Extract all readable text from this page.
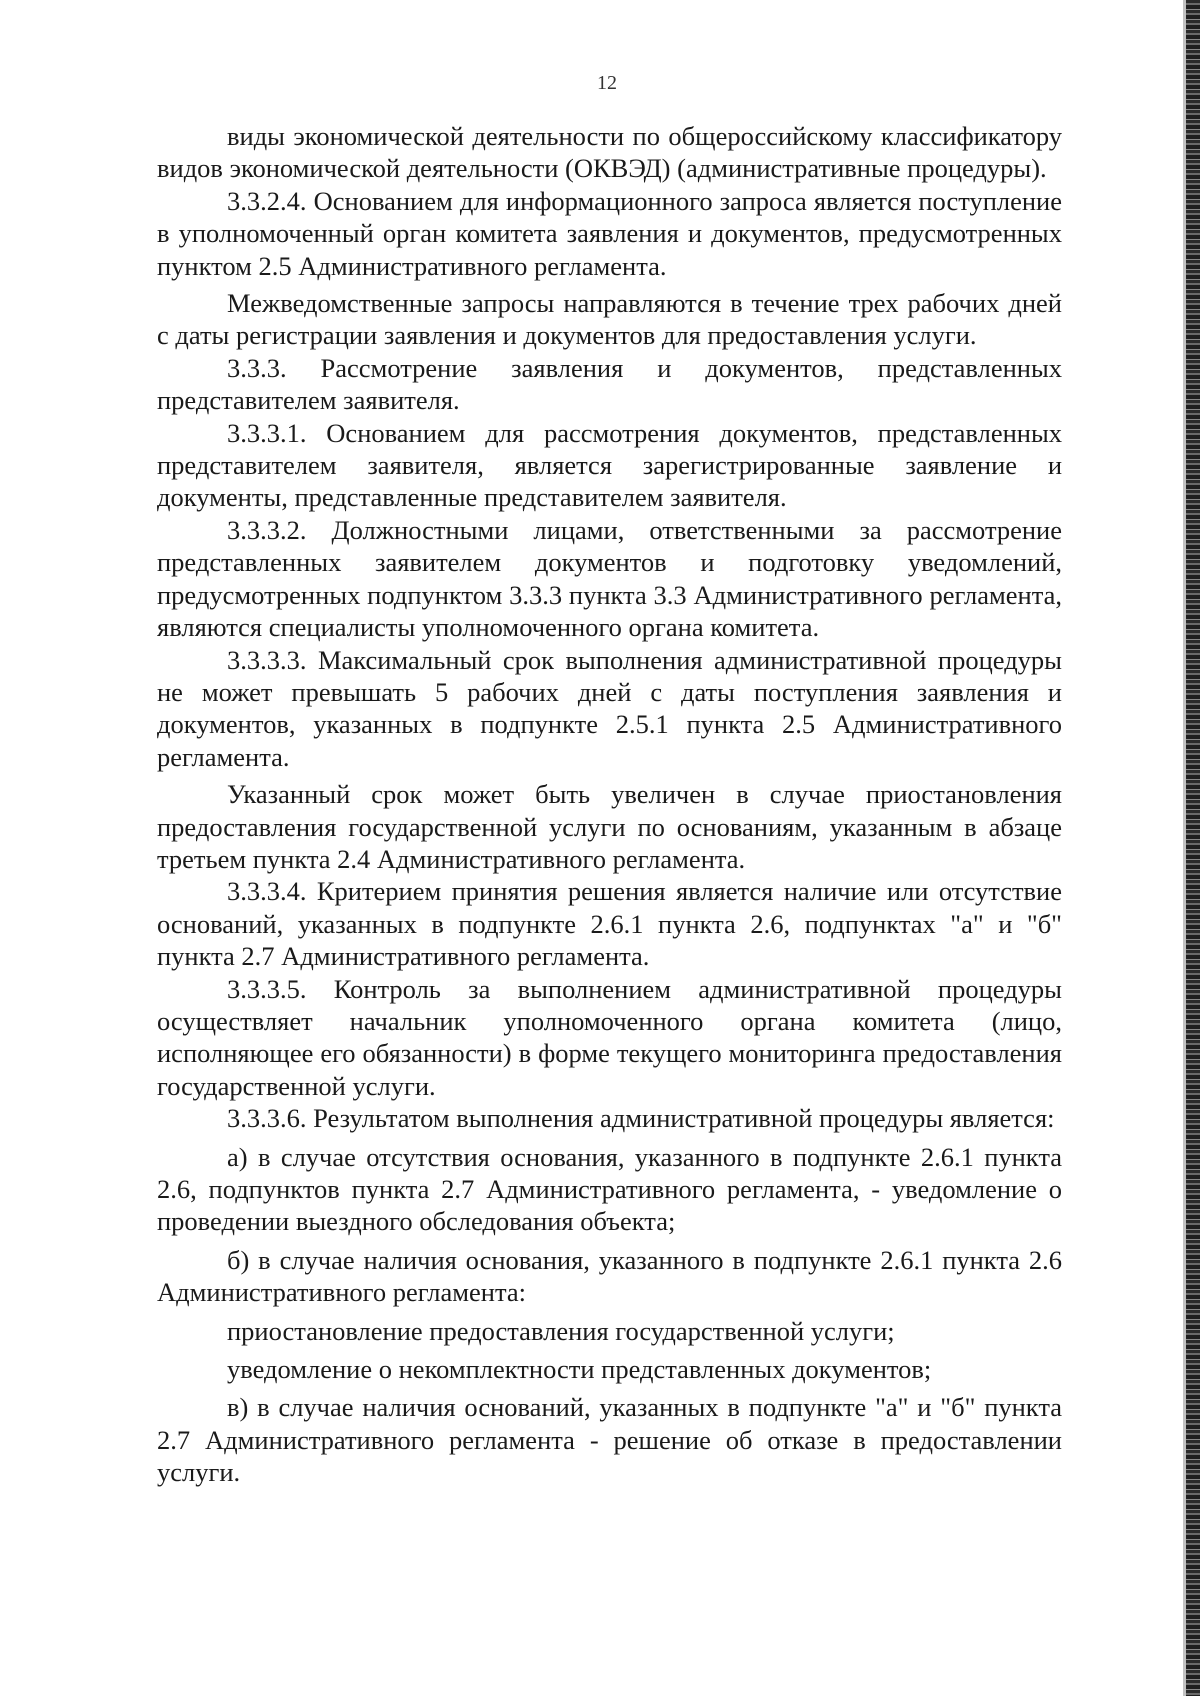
12

виды экономической деятельности по общероссийскому классификатору видов экономической деятельности (ОКВЭД) (административные процедуры).

3.3.2.4. Основанием для информационного запроса является поступление в уполномоченный орган комитета заявления и документов, предусмотренных пунктом 2.5 Административного регламента.

Межведомственные запросы направляются в течение трех рабочих дней с даты регистрации заявления и документов для предоставления услуги.

3.3.3. Рассмотрение заявления и документов, представленных представителем заявителя.

3.3.3.1. Основанием для рассмотрения документов, представленных представителем заявителя, является зарегистрированные заявление и документы, представленные представителем заявителя.

3.3.3.2. Должностными лицами, ответственными за рассмотрение представленных заявителем документов и подготовку уведомлений, предусмотренных подпунктом 3.3.3 пункта 3.3 Административного регламента, являются специалисты уполномоченного органа комитета.

3.3.3.3. Максимальный срок выполнения административной процедуры не может превышать 5 рабочих дней с даты поступления заявления и документов, указанных в подпункте 2.5.1 пункта 2.5 Административного регламента.

Указанный срок может быть увеличен в случае приостановления предоставления государственной услуги по основаниям, указанным в абзаце третьем пункта 2.4 Административного регламента.

3.3.3.4. Критерием принятия решения является наличие или отсутствие оснований, указанных в подпункте 2.6.1 пункта 2.6, подпунктах "а" и "б" пункта 2.7 Административного регламента.

3.3.3.5. Контроль за выполнением административной процедуры осуществляет начальник уполномоченного органа комитета (лицо, исполняющее его обязанности) в форме текущего мониторинга предоставления государственной услуги.

3.3.3.6. Результатом выполнения административной процедуры является:

а) в случае отсутствия основания, указанного в подпункте 2.6.1 пункта 2.6, подпунктов пункта 2.7 Административного регламента, - уведомление о проведении выездного обследования объекта;

б) в случае наличия основания, указанного в подпункте 2.6.1 пункта 2.6 Административного регламента:

приостановление предоставления государственной услуги;

уведомление о некомплектности представленных документов;

в) в случае наличия оснований, указанных в подпункте "а" и "б" пункта 2.7 Административного регламента - решение об отказе в предоставлении услуги.
